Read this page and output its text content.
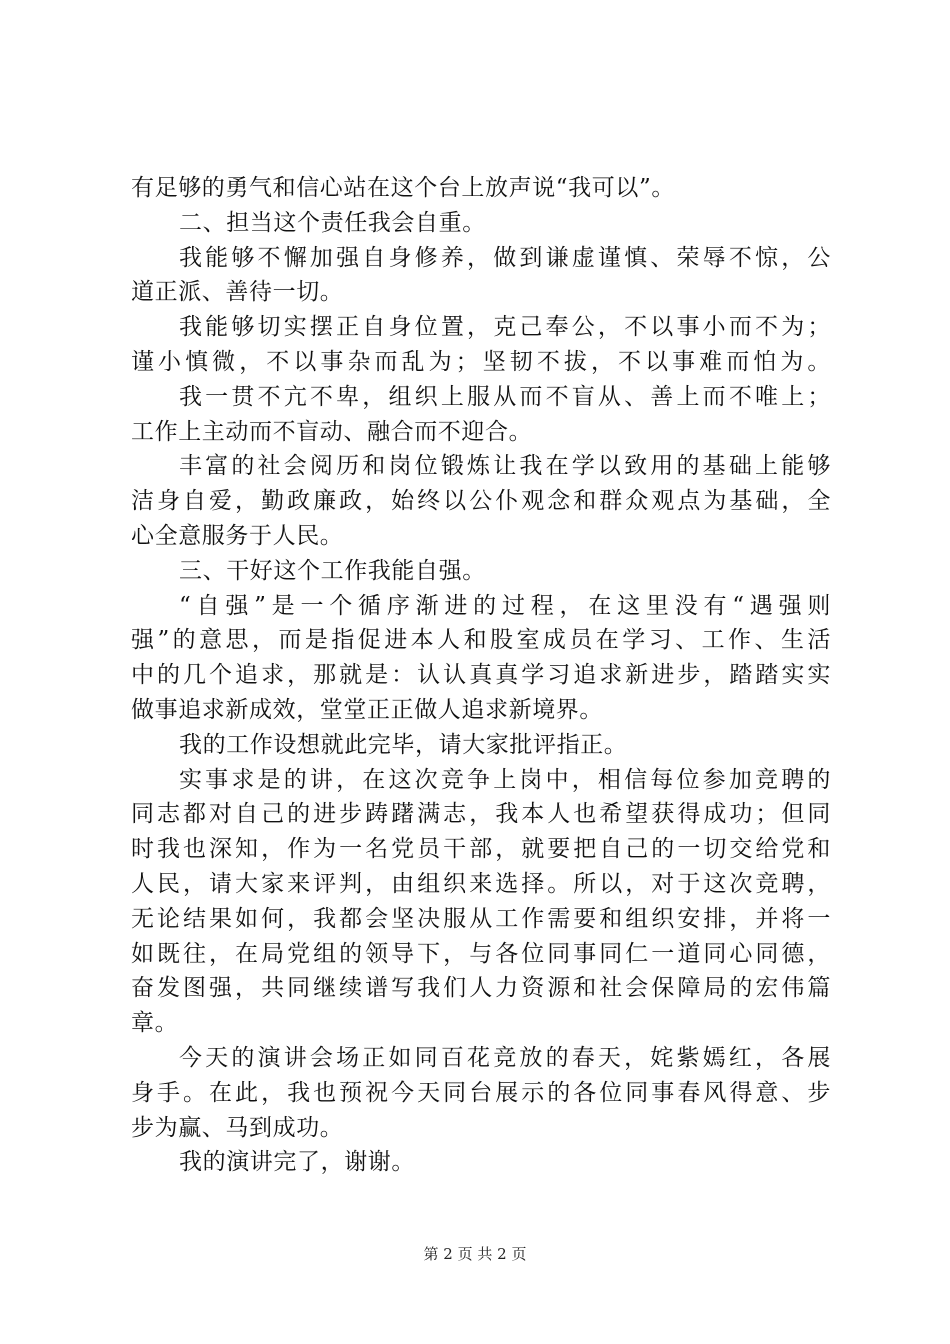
有足够的勇气和信心站在这个台上放声说“我可以”。
二、担当这个责任我会自重。
我能够不懈加强自身修养，做到谦虚谨慎、荣辱不惊，公
道正派、善待一切。
我能够切实摆正自身位置，克己奉公，不以事小而不为；
谨小慎微，不以事杂而乱为；坚韧不拔，不以事难而怕为。
我一贯不亢不卑，组织上服从而不盲从、善上而不唯上；
工作上主动而不盲动、融合而不迎合。
丰富的社会阅历和岗位锻炼让我在学以致用的基础上能够
洁身自爱，勤政廉政，始终以公仆观念和群众观点为基础，全
心全意服务于人民。
三、干好这个工作我能自强。
“自强”是一个循序渐进的过程，在这里没有“遇强则
强”的意思，而是指促进本人和股室成员在学习、工作、生活
中的几个追求，那就是：认认真真学习追求新进步，踏踏实实
做事追求新成效，堂堂正正做人追求新境界。
我的工作设想就此完毕，请大家批评指正。
实事求是的讲，在这次竞争上岗中，相信每位参加竞聘的
同志都对自己的进步踌躇满志，我本人也希望获得成功；但同
时我也深知，作为一名党员干部，就要把自己的一切交给党和
人民，请大家来评判，由组织来选择。所以，对于这次竞聘，
无论结果如何，我都会坚决服从工作需要和组织安排，并将一
如既往，在局党组的领导下，与各位同事同仁一道同心同德，
奋发图强，共同继续谱写我们人力资源和社会保障局的宏伟篇
章。
今天的演讲会场正如同百花竞放的春天，姹紫嫣红，各展
身手。在此，我也预祝今天同台展示的各位同事春风得意、步
步为赢、马到成功。
我的演讲完了，谢谢。
第 2 页 共 2 页
